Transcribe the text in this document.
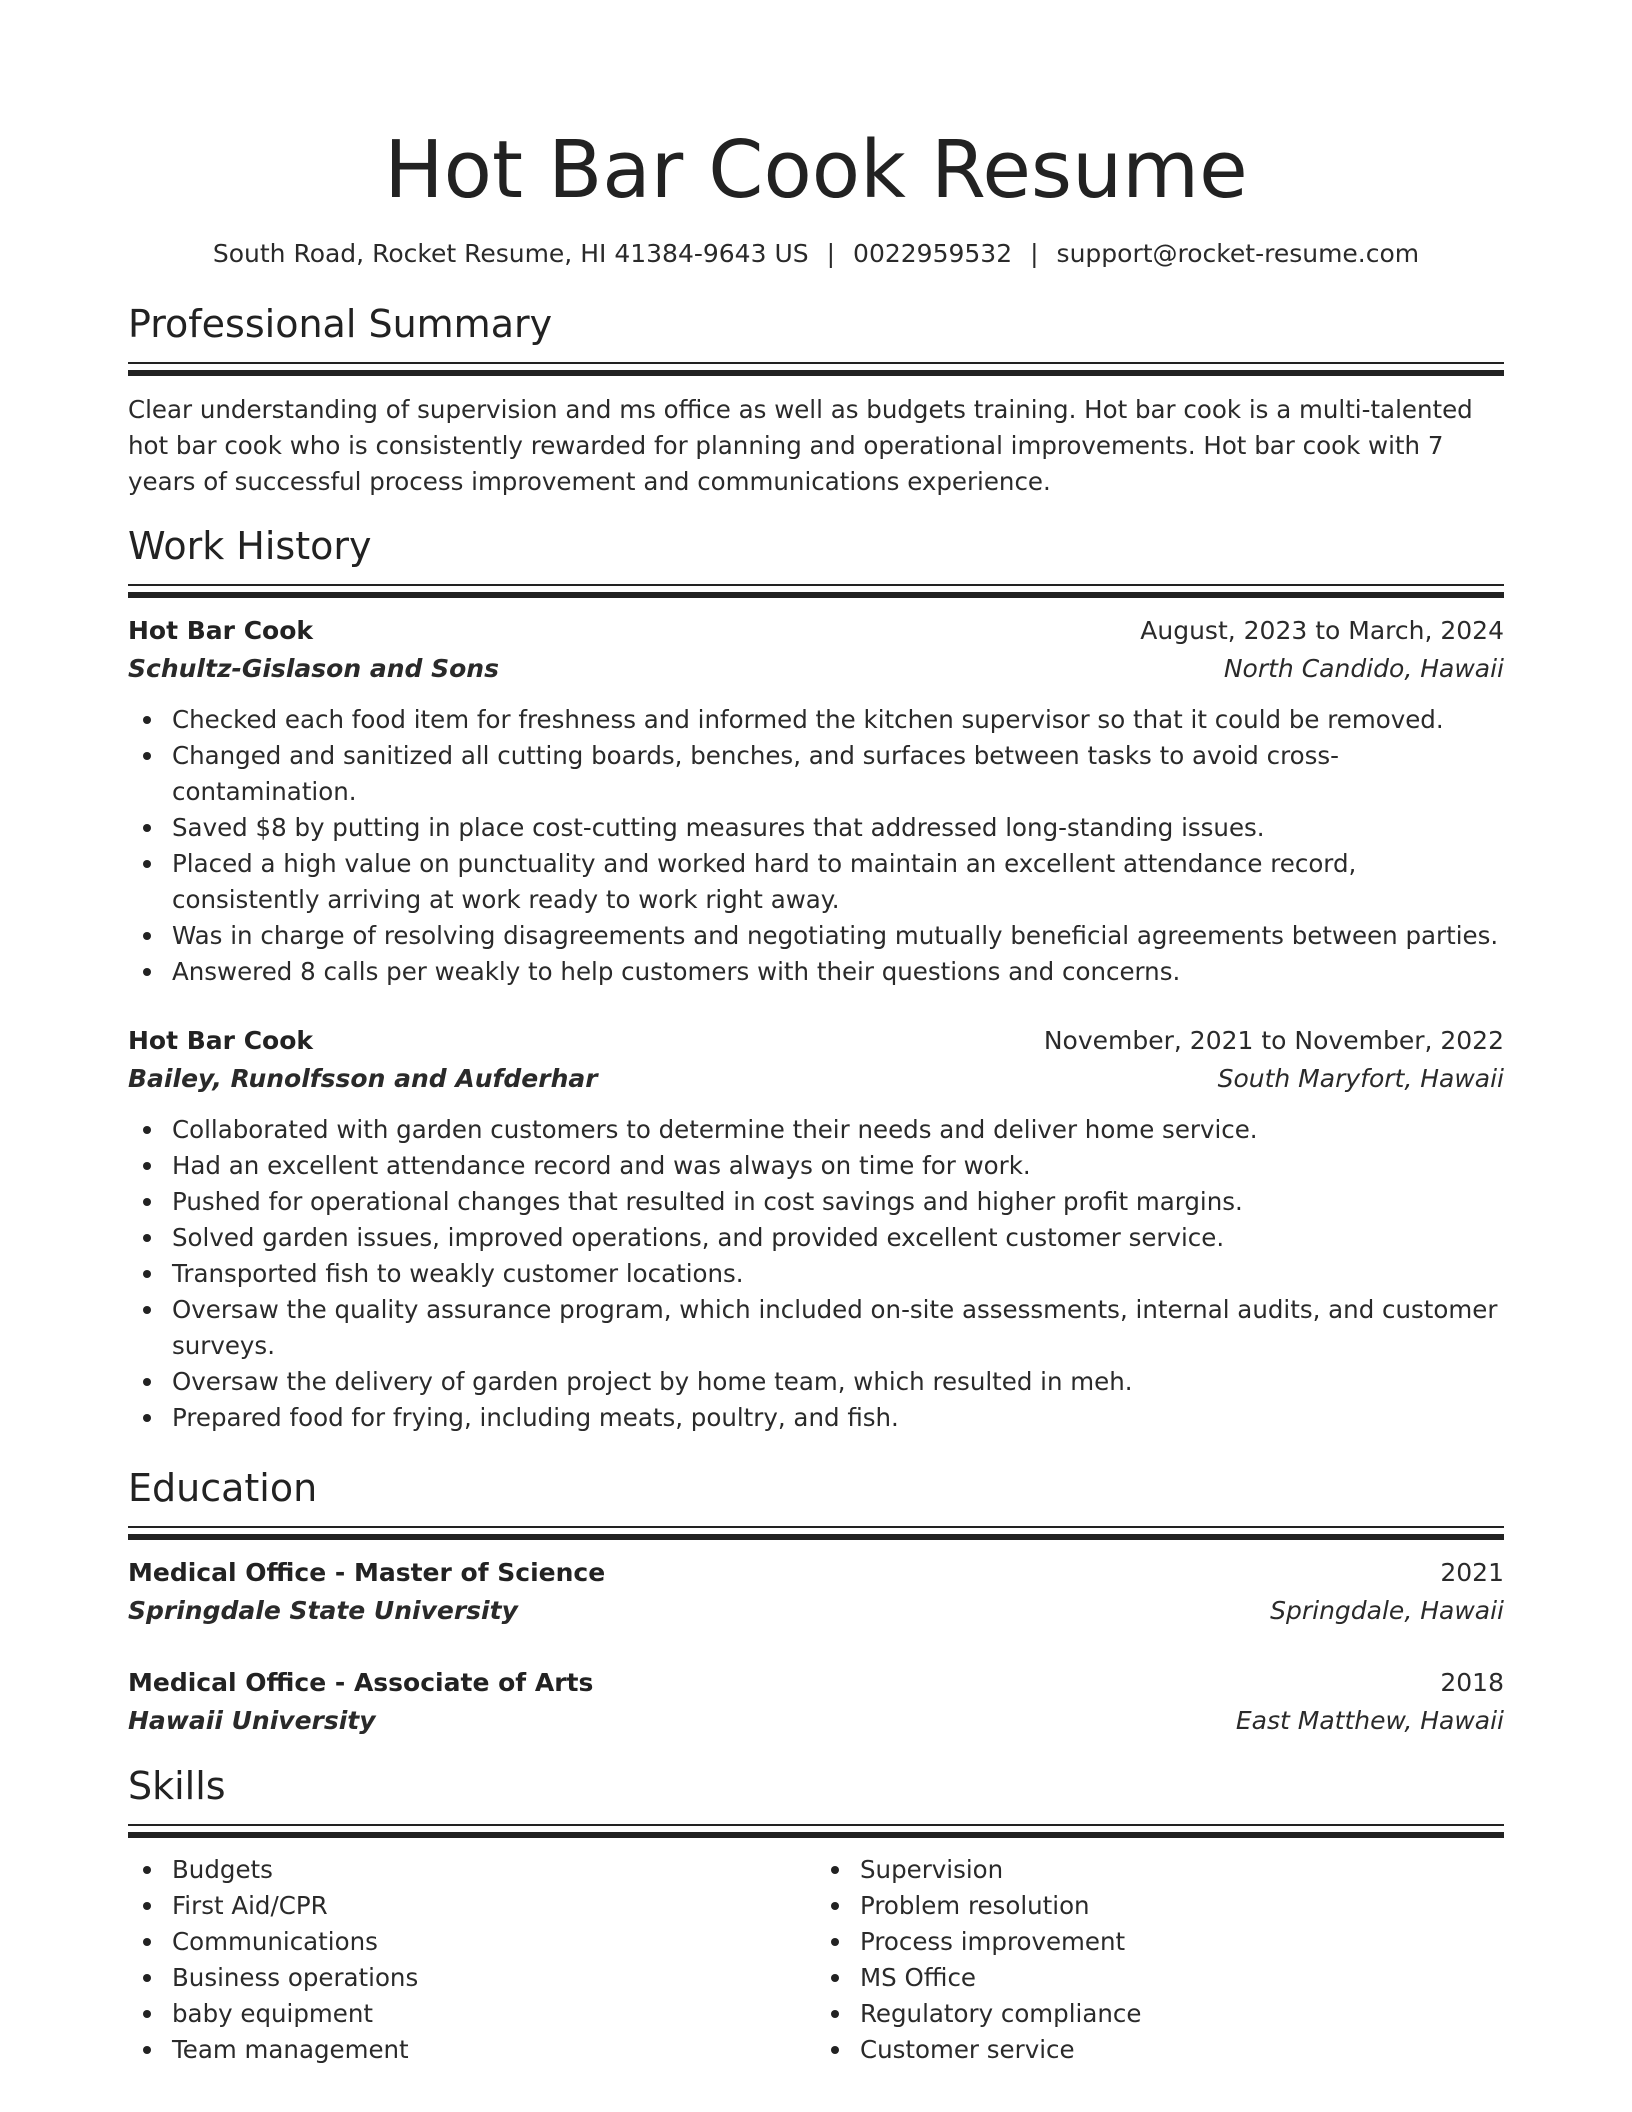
Hot Bar Cook Resume
South Road, Rocket Resume, HI 41384-9643 US | 0022959532 | support@rocket-resume.com
Professional Summary
Clear understanding of supervision and ms office as well as budgets training. Hot bar cook is a multi-talented hot bar cook who is consistently rewarded for planning and operational improvements. Hot bar cook with 7 years of successful process improvement and communications experience.
Work History
Hot Bar Cook	August, 2023 to March, 2024
Schultz-Gislason and Sons	North Candido, Hawaii
Checked each food item for freshness and informed the kitchen supervisor so that it could be removed.
Changed and sanitized all cutting boards, benches, and surfaces between tasks to avoid cross-contamination.
Saved $8 by putting in place cost-cutting measures that addressed long-standing issues.
Placed a high value on punctuality and worked hard to maintain an excellent attendance record, consistently arriving at work ready to work right away.
Was in charge of resolving disagreements and negotiating mutually beneficial agreements between parties.
Answered 8 calls per weakly to help customers with their questions and concerns.
Hot Bar Cook	November, 2021 to November, 2022
Bailey, Runolfsson and Aufderhar	South Maryfort, Hawaii
Collaborated with garden customers to determine their needs and deliver home service.
Had an excellent attendance record and was always on time for work.
Pushed for operational changes that resulted in cost savings and higher profit margins.
Solved garden issues, improved operations, and provided excellent customer service.
Transported fish to weakly customer locations.
Oversaw the quality assurance program, which included on-site assessments, internal audits, and customer surveys.
Oversaw the delivery of garden project by home team, which resulted in meh.
Prepared food for frying, including meats, poultry, and fish.
Education
Medical Office - Master of Science	2021
Springdale State University	Springdale, Hawaii
Medical Office - Associate of Arts	2018
Hawaii University	East Matthew, Hawaii
Skills
Budgets
First Aid/CPR
Communications
Business operations
baby equipment
Team management
Supervision
Problem resolution
Process improvement
MS Office
Regulatory compliance
Customer service
